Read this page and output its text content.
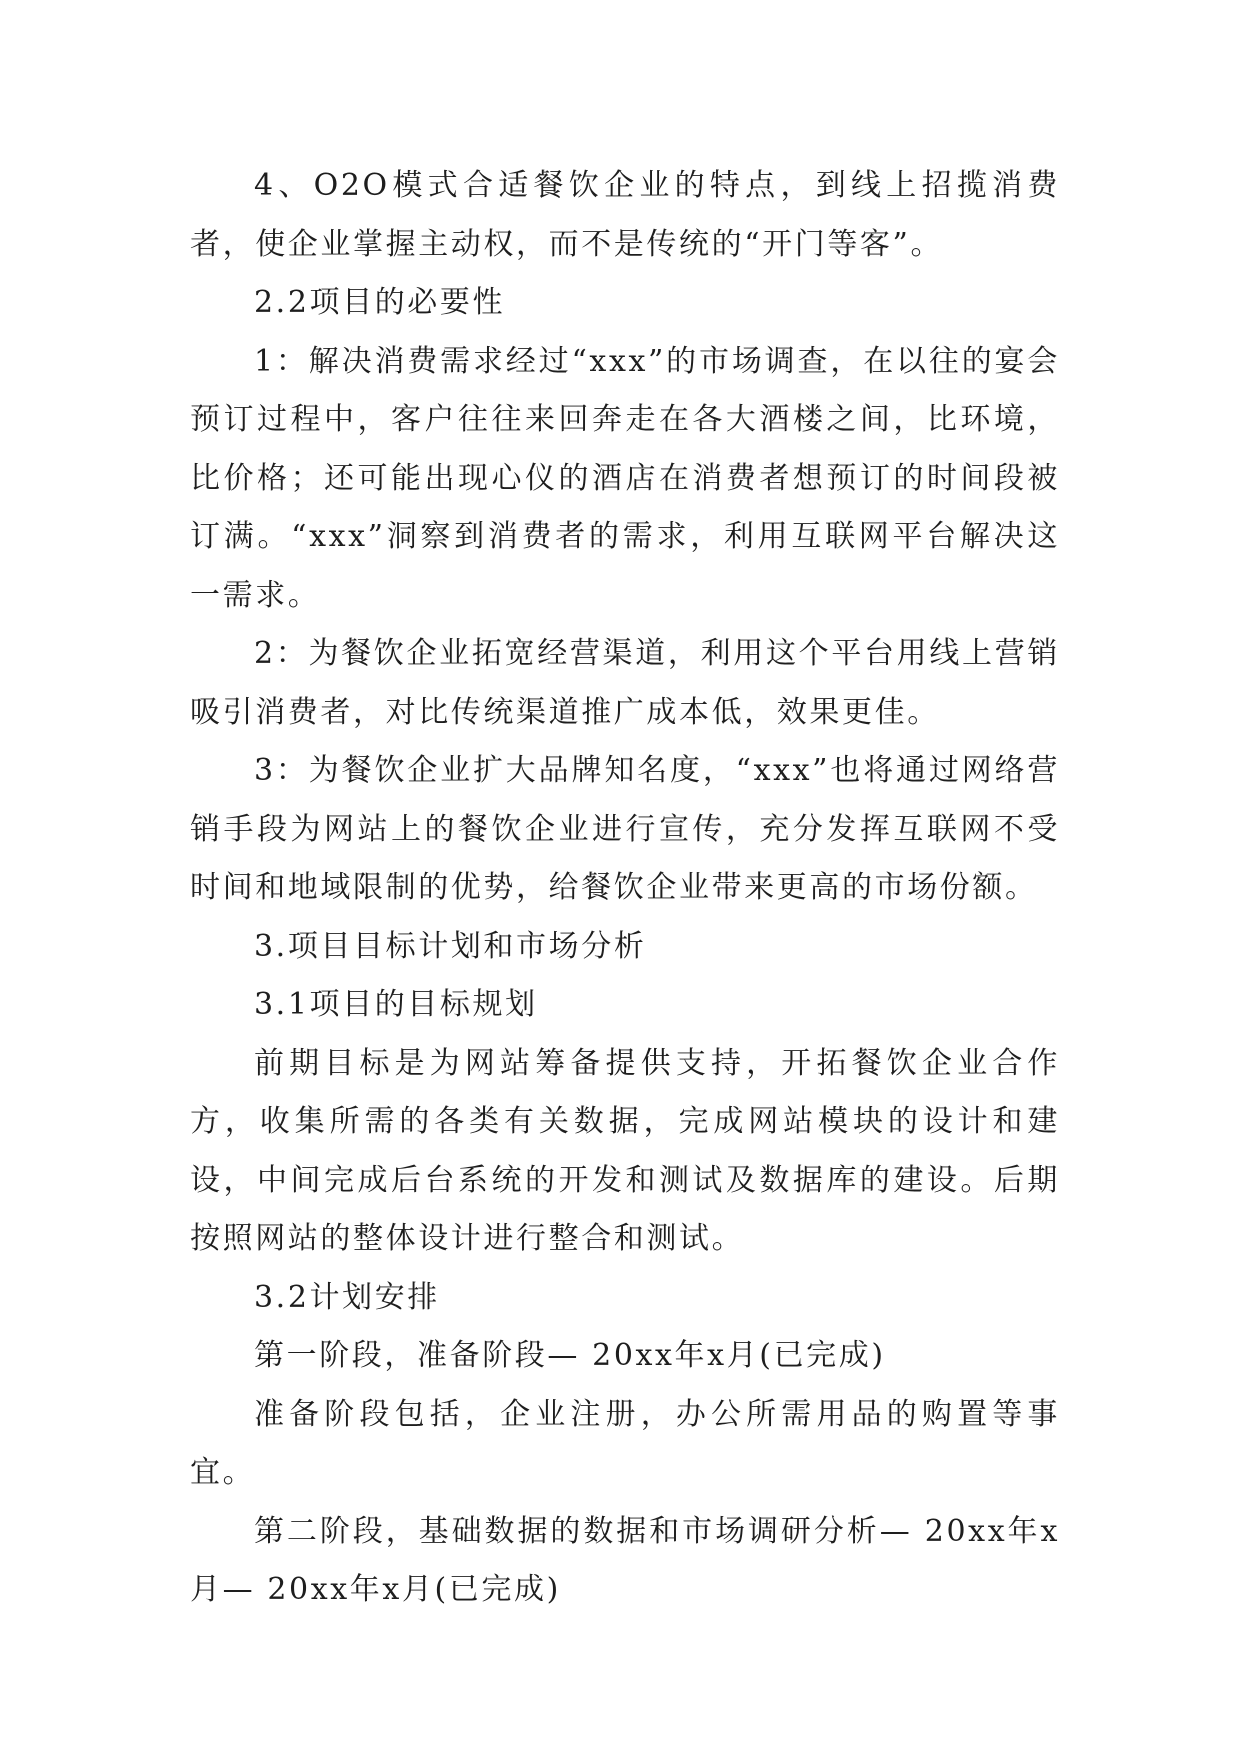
4、O2O模式合适餐饮企业的特点，到线上招揽消费者，使企业掌握主动权，而不是传统的“开门等客”。

2.2项目的必要性

1：解决消费需求经过“xxx”的市场调查，在以往的宴会预订过程中，客户往往来回奔走在各大酒楼之间，比环境，比价格；还可能出现心仪的酒店在消费者想预订的时间段被订满。“xxx”洞察到消费者的需求，利用互联网平台解决这一需求。

2：为餐饮企业拓宽经营渠道，利用这个平台用线上营销吸引消费者，对比传统渠道推广成本低，效果更佳。

3：为餐饮企业扩大品牌知名度，“xxx”也将通过网络营销手段为网站上的餐饮企业进行宣传，充分发挥互联网不受时间和地域限制的优势，给餐饮企业带来更高的市场份额。

3.项目目标计划和市场分析

3.1项目的目标规划

前期目标是为网站筹备提供支持，开拓餐饮企业合作方，收集所需的各类有关数据，完成网站模块的设计和建设，中间完成后台系统的开发和测试及数据库的建设。后期按照网站的整体设计进行整合和测试。

3.2计划安排

第一阶段，准备阶段— 20xx年x月(已完成)

准备阶段包括，企业注册，办公所需用品的购置等事宜。

第二阶段，基础数据的数据和市场调研分析— 20xx年x月— 20xx年x月(已完成)
